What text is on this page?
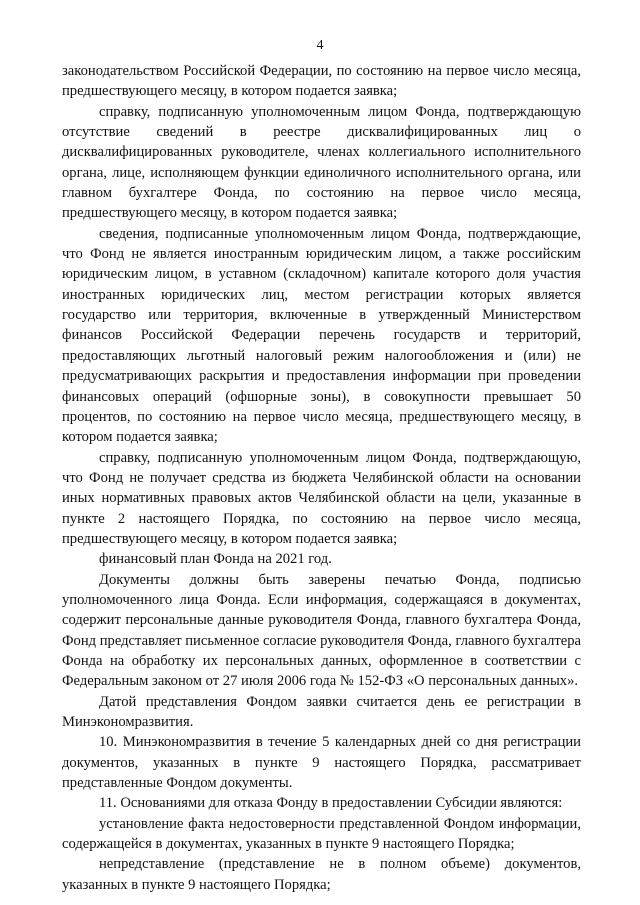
4

законодательством Российской Федерации, по состоянию на первое число месяца, предшествующего месяцу, в котором подается заявка;

справку, подписанную уполномоченным лицом Фонда, подтверждающую отсутствие сведений в реестре дисквалифицированных лиц о дисквалифицированных руководителе, членах коллегиального исполнительного органа, лице, исполняющем функции единоличного исполнительного органа, или главном бухгалтере Фонда, по состоянию на первое число месяца, предшествующего месяцу, в котором подается заявка;

сведения, подписанные уполномоченным лицом Фонда, подтверждающие, что Фонд не является иностранным юридическим лицом, а также российским юридическим лицом, в уставном (складочном) капитале которого доля участия иностранных юридических лиц, местом регистрации которых является государство или территория, включенные в утвержденный Министерством финансов Российской Федерации перечень государств и территорий, предоставляющих льготный налоговый режим налогообложения и (или) не предусматривающих раскрытия и предоставления информации при проведении финансовых операций (офшорные зоны), в совокупности превышает 50 процентов, по состоянию на первое число месяца, предшествующего месяцу, в котором подается заявка;

справку, подписанную уполномоченным лицом Фонда, подтверждающую, что Фонд не получает средства из бюджета Челябинской области на основании иных нормативных правовых актов Челябинской области на цели, указанные в пункте 2 настоящего Порядка, по состоянию на первое число месяца, предшествующего месяцу, в котором подается заявка;

финансовый план Фонда на 2021 год.

Документы должны быть заверены печатью Фонда, подписью уполномоченного лица Фонда. Если информация, содержащаяся в документах, содержит персональные данные руководителя Фонда, главного бухгалтера Фонда, Фонд представляет письменное согласие руководителя Фонда, главного бухгалтера Фонда на обработку их персональных данных, оформленное в соответствии с Федеральным законом от 27 июля 2006 года № 152-ФЗ «О персональных данных».

Датой представления Фондом заявки считается день ее регистрации в Минэкономразвития.

10. Минэкономразвития в течение 5 календарных дней со дня регистрации документов, указанных в пункте 9 настоящего Порядка, рассматривает представленные Фондом документы.

11. Основаниями для отказа Фонду в предоставлении Субсидии являются:

установление факта недостоверности представленной Фондом информации, содержащейся в документах, указанных в пункте 9 настоящего Порядка;

непредставление (представление не в полном объеме) документов, указанных в пункте 9 настоящего Порядка;
